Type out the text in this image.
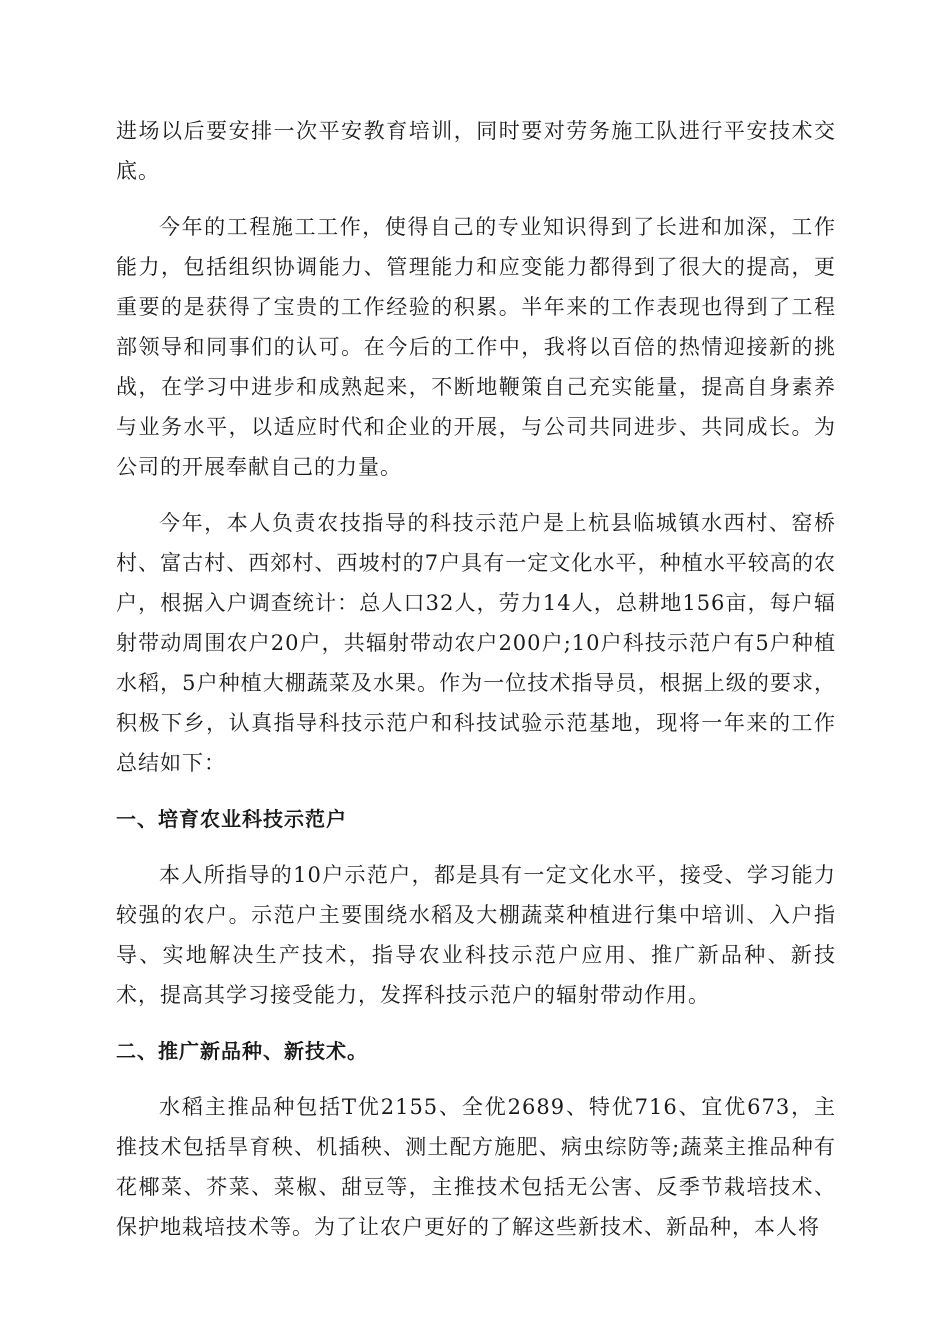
进场以后要安排一次平安教育培训，同时要对劳务施工队进行平安技术交底。

今年的工程施工工作，使得自己的专业知识得到了长进和加深，工作能力，包括组织协调能力、管理能力和应变能力都得到了很大的提高，更重要的是获得了宝贵的工作经验的积累。半年来的工作表现也得到了工程部领导和同事们的认可。在今后的工作中，我将以百倍的热情迎接新的挑战，在学习中进步和成熟起来，不断地鞭策自己充实能量，提高自身素养与业务水平，以适应时代和企业的开展，与公司共同进步、共同成长。为公司的开展奉献自己的力量。

今年，本人负责农技指导的科技示范户是上杭县临城镇水西村、窑桥村、富古村、西郊村、西坡村的7户具有一定文化水平，种植水平较高的农户，根据入户调查统计：总人口32人，劳力14人，总耕地156亩，每户辐射带动周围农户20户，共辐射带动农户200户;10户科技示范户有5户种植水稻，5户种植大棚蔬菜及水果。作为一位技术指导员，根据上级的要求，积极下乡，认真指导科技示范户和科技试验示范基地，现将一年来的工作总结如下：

一、培育农业科技示范户

本人所指导的10户示范户，都是具有一定文化水平，接受、学习能力较强的农户。示范户主要围绕水稻及大棚蔬菜种植进行集中培训、入户指导、实地解决生产技术，指导农业科技示范户应用、推广新品种、新技术，提高其学习接受能力，发挥科技示范户的辐射带动作用。

二、推广新品种、新技术。

水稻主推品种包括T优2155、全优2689、特优716、宜优673，主推技术包括旱育秧、机插秧、测土配方施肥、病虫综防等;蔬菜主推品种有花椰菜、芥菜、菜椒、甜豆等，主推技术包括无公害、反季节栽培技术、保护地栽培技术等。为了让农户更好的了解这些新技术、新品种，本人将
